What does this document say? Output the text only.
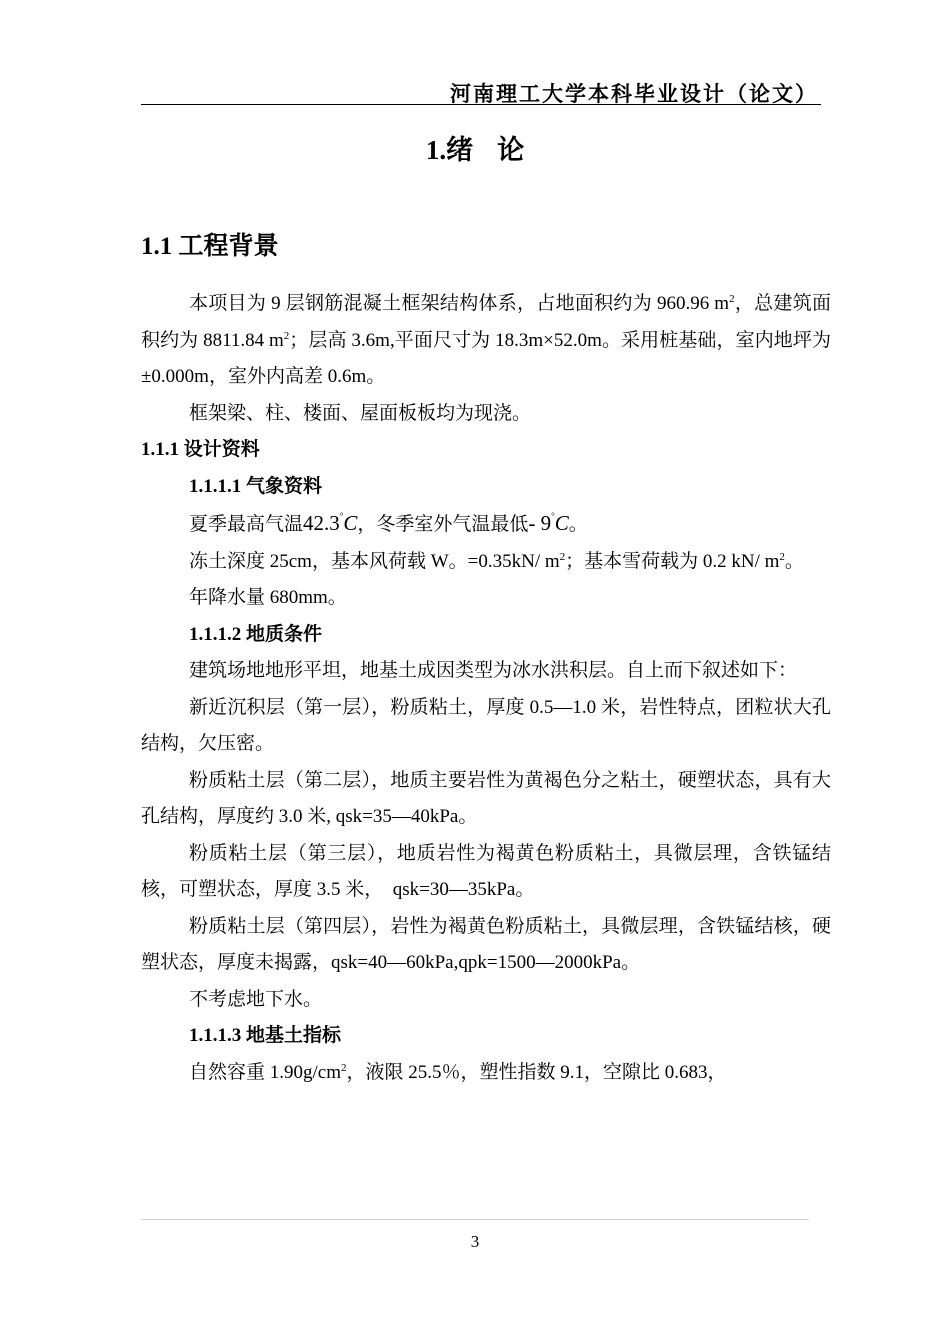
河南理工大学本科毕业设计（论文）
1.绪 论
1.1 工程背景

本项目为 9 层钢筋混凝土框架结构体系，占地面积约为 960.96 $m^2$，总建筑面积约为 8811.84 $m^2$；层高 3.6m,平面尺寸为 18.3m×52.0m。采用桩基础，室内地坪为±0.000m，室外内高差 0.6m。

框架梁、柱、楼面、屋面板板均为现浇。

1.1.1 设计资料

1.1.1.1 气象资料

夏季最高气温42.3°C，冬季室外气温最低- 9°C。

冻土深度 25cm，基本风荷载 W。=0.35kN/ $m^2$；基本雪荷载为 0.2 kN/ $m^2$。

年降水量 680mm。

1.1.1.2 地质条件

建筑场地地形平坦，地基土成因类型为冰水洪积层。自上而下叙述如下：

新近沉积层（第一层），粉质粘土，厚度 0.5—1.0 米，岩性特点，团粒状大孔结构，欠压密。

粉质粘土层（第二层），地质主要岩性为黄褐色分之粘土，硬塑状态，具有大孔结构，厚度约 3.0 米, qsk=35—40kPa。

粉质粘土层（第三层），地质岩性为褐黄色粉质粘土，具微层理，含铁锰结核，可塑状态，厚度 3.5 米，　qsk=30—35kPa。

粉质粘土层（第四层），岩性为褐黄色粉质粘土，具微层理，含铁锰结核，硬塑状态，厚度未揭露，qsk=40—60kPa,qpk=1500—2000kPa。

不考虑地下水。

1.1.1.3 地基土指标

自然容重 $1.90g/cm^2$，液限 25.5％，塑性指数 9.1，空隙比 0.683，

3
